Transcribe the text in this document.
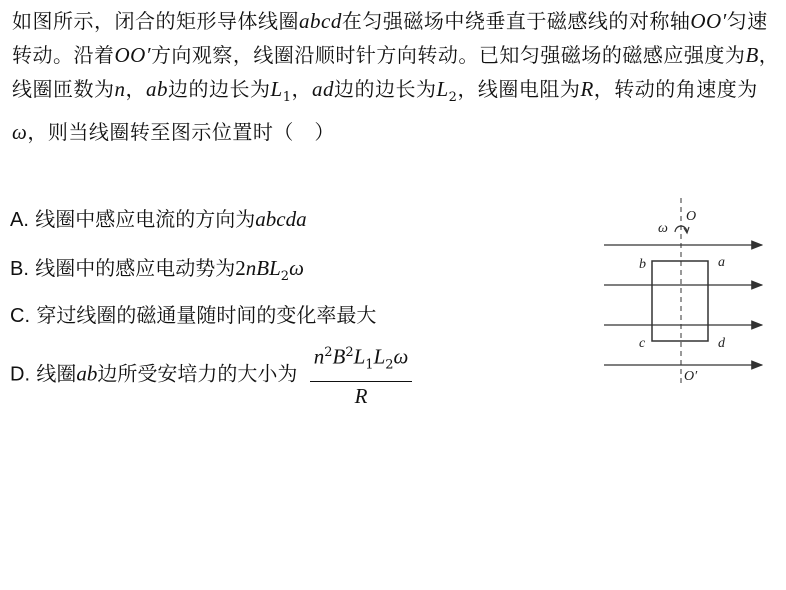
如图所示，闭合的矩形导体线圈abcd在匀强磁场中绕垂直于磁感线的对称轴OO′匀速转动。沿着OO′方向观察，线圈沿顺时针方向转动。已知匀强磁场的磁感应强度为B，线圈匝数为n，ab边的边长为$L_1$，ad边的边长为$L_2$，线圈电阻为R，转动的角速度为ω，则当线圈转至图示位置时（　）
A. 线圈中感应电流的方向为abcda
B. 线圈中的感应电动势为2nBL$_2$ω
C. 穿过线圈的磁通量随时间的变化率最大
D. 线圈ab边所受安培力的大小为 $\frac{n^2B^2L_1L_2\omega}{R}$
ω
O
b	a
c	d
O′
